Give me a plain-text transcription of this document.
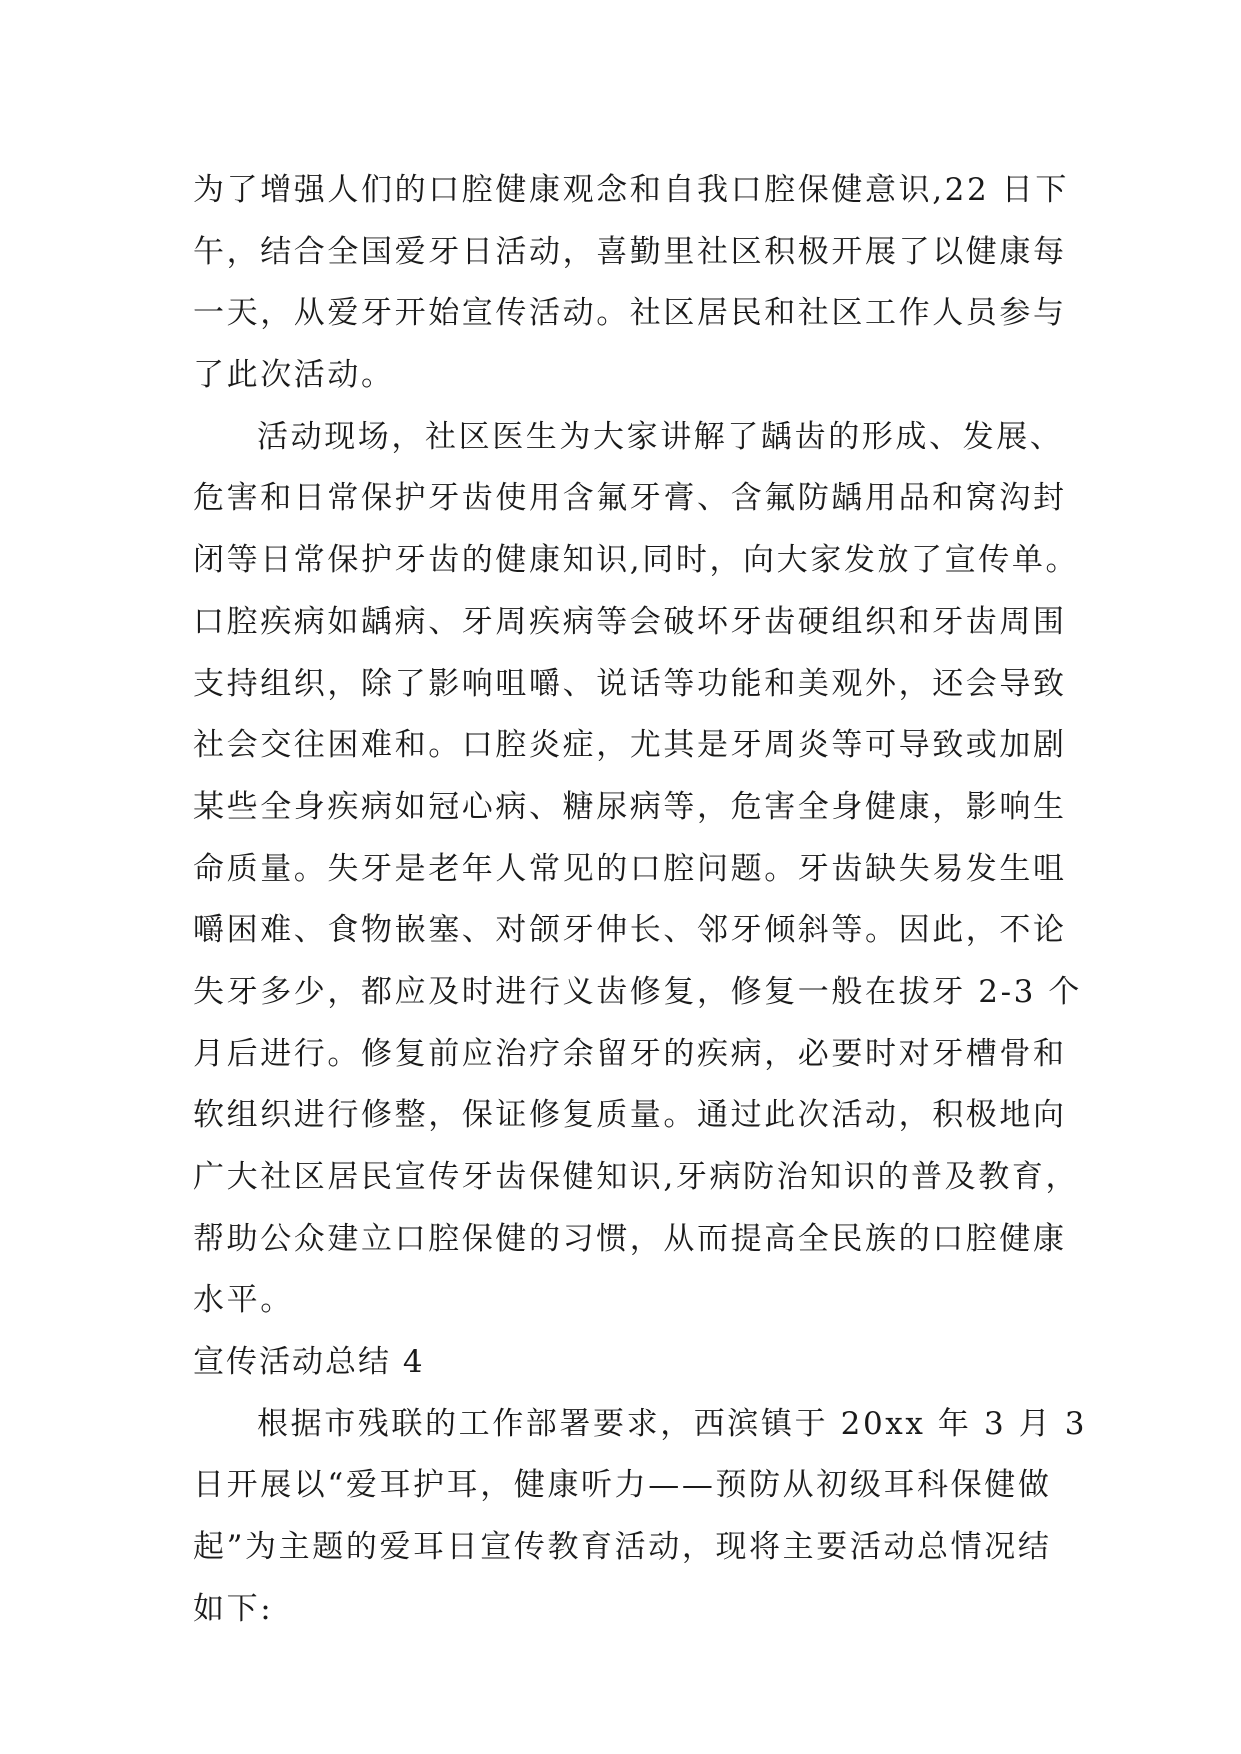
为了增强人们的口腔健康观念和自我口腔保健意识,22 日下
午，结合全国爱牙日活动，喜勤里社区积极开展了以健康每
一天，从爱牙开始宣传活动。社区居民和社区工作人员参与
了此次活动。
活动现场，社区医生为大家讲解了龋齿的形成、发展、
危害和日常保护牙齿使用含氟牙膏、含氟防龋用品和窝沟封
闭等日常保护牙齿的健康知识,同时，向大家发放了宣传单。
口腔疾病如龋病、牙周疾病等会破坏牙齿硬组织和牙齿周围
支持组织，除了影响咀嚼、说话等功能和美观外，还会导致
社会交往困难和。口腔炎症，尤其是牙周炎等可导致或加剧
某些全身疾病如冠心病、糖尿病等，危害全身健康，影响生
命质量。失牙是老年人常见的口腔问题。牙齿缺失易发生咀
嚼困难、食物嵌塞、对颌牙伸长、邻牙倾斜等。因此，不论
失牙多少，都应及时进行义齿修复，修复一般在拔牙 2-3 个
月后进行。修复前应治疗余留牙的疾病，必要时对牙槽骨和
软组织进行修整，保证修复质量。通过此次活动，积极地向
广大社区居民宣传牙齿保健知识,牙病防治知识的普及教育，
帮助公众建立口腔保健的习惯，从而提高全民族的口腔健康
水平。
宣传活动总结 4
根据市残联的工作部署要求，西滨镇于 20xx 年 3 月 3
日开展以“爱耳护耳，健康听力——预防从初级耳科保健做
起”为主题的爱耳日宣传教育活动，现将主要活动总情况结
如下:
